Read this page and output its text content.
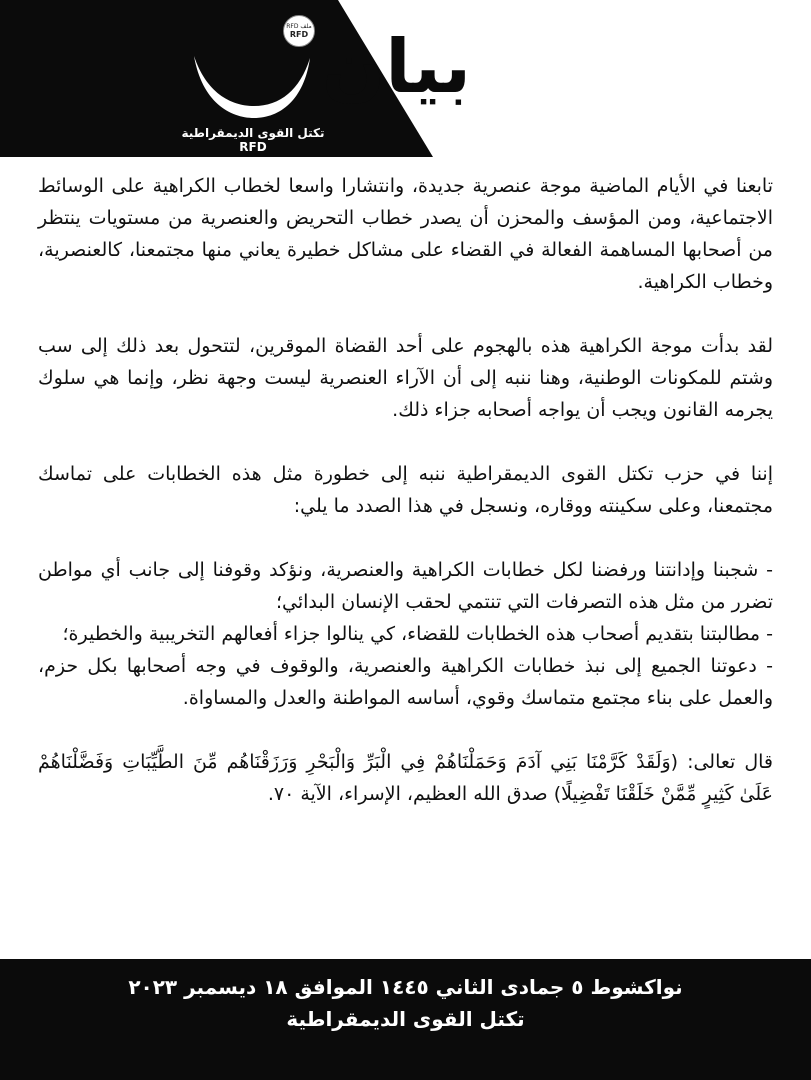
بيان
RFD ملف
RFD
تكتل القوى الديمقراطية RFD

تابعنا في الأيام الماضية موجة عنصرية جديدة، وانتشارا واسعا لخطاب الكراهية على الوسائط الاجتماعية، ومن المؤسف والمحزن أن يصدر خطاب التحريض والعنصرية من مستويات ينتظر من أصحابها المساهمة الفعالة في القضاء على مشاكل خطيرة يعاني منها مجتمعنا، كالعنصرية، وخطاب الكراهية.

لقد بدأت موجة الكراهية هذه بالهجوم على أحد القضاة الموقرين، لتتحول بعد ذلك إلى سب وشتم للمكونات الوطنية، وهنا ننبه إلى أن الآراء العنصرية ليست وجهة نظر، وإنما هي سلوك يجرمه القانون ويجب أن يواجه أصحابه جزاء ذلك.

إننا في حزب تكتل القوى الديمقراطية ننبه إلى خطورة مثل هذه الخطابات على تماسك مجتمعنا، وعلى سكينته ووقاره، ونسجل في هذا الصدد ما يلي:

- شجبنا وإدانتنا ورفضنا لكل خطابات الكراهية والعنصرية، ونؤكد وقوفنا إلى جانب أي مواطن تضرر من مثل هذه التصرفات التي تنتمي لحقب الإنسان البدائي؛

- مطالبتنا بتقديم أصحاب هذه الخطابات للقضاء، كي ينالوا جزاء أفعالهم التخريبية والخطيرة؛

- دعوتنا الجميع إلى نبذ خطابات الكراهية والعنصرية، والوقوف في وجه أصحابها بكل حزم، والعمل على بناء مجتمع متماسك وقوي، أساسه المواطنة والعدل والمساواة.

قال تعالى: (وَلَقَدْ كَرَّمْنَا بَنِي آدَمَ وَحَمَلْنَاهُمْ فِي الْبَرِّ وَالْبَحْرِ وَرَزَقْنَاهُم مِّنَ الطَّيِّبَاتِ وَفَضَّلْنَاهُمْ عَلَىٰ كَثِيرٍ مِّمَّنْ خَلَقْنَا تَفْضِيلًا) صدق الله العظيم، الإسراء، الآية ٧٠.

نواكشوط ٥ جمادى الثاني ١٤٤٥ الموافق ١٨ ديسمبر ٢٠٢٣
تكتل القوى الديمقراطية
